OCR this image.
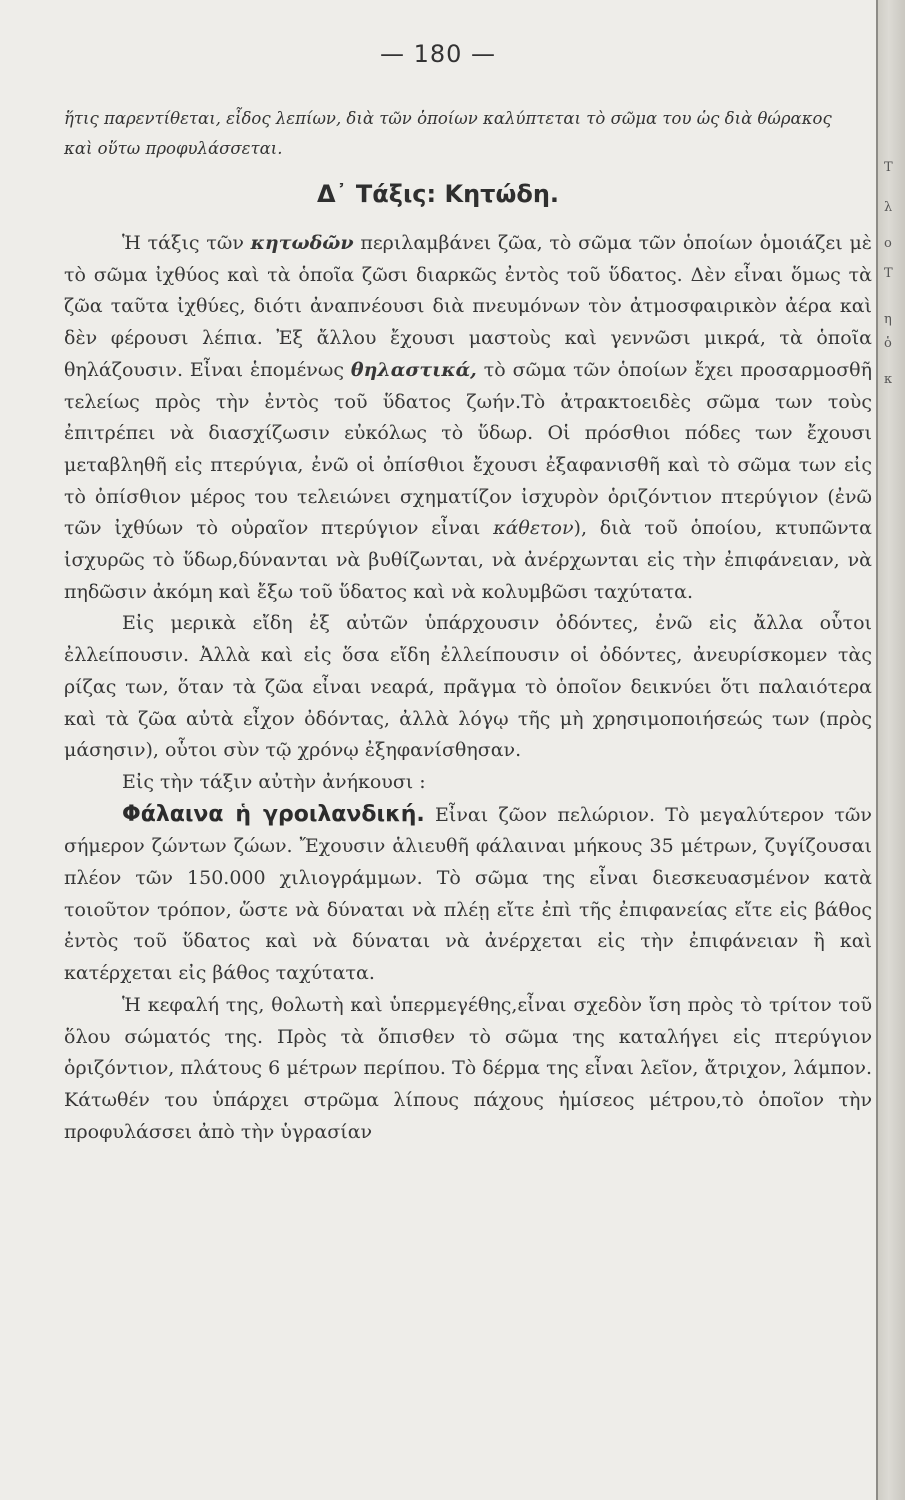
— 180 —

ἥτις παρεντίθεται, εἶδος λεπίων, διὰ τῶν ὁποίων καλύπτεται τὸ σῶμα του ὡς διὰ θώρακος καὶ οὕτω προφυλάσσεται.

Δ᾿ Τάξις: Κητώδη.

Ἡ τάξις τῶν κητωδῶν περιλαμβάνει ζῶα, τὸ σῶμα τῶν ὁποίων ὁμοιάζει μὲ τὸ σῶμα ἰχθύος καὶ τὰ ὁποῖα ζῶσι διαρκῶς ἐντὸς τοῦ ὕδατος. Δὲν εἶναι ὅμως τὰ ζῶα ταῦτα ἰχθύες, διότι ἀναπνέουσι διὰ πνευμόνων τὸν ἀτμοσφαιρικὸν ἀέρα καὶ δὲν φέρουσι λέπια. Ἐξ ἄλλου ἔχουσι μαστοὺς καὶ γεννῶσι μικρά, τὰ ὁποῖα θηλάζουσιν. Εἶναι ἑπομένως θηλαστικά, τὸ σῶμα τῶν ὁποίων ἔχει προσαρμοσθῆ τελείως πρὸς τὴν ἐντὸς τοῦ ὕδατος ζωήν.Τὸ ἀτρακτοειδὲς σῶμα των τοὺς ἐπιτρέπει νὰ διασχίζωσιν εὐκόλως τὸ ὕδωρ. Οἱ πρόσθιοι πόδες των ἔχουσι μεταβληθῆ εἰς πτερύγια, ἐνῶ οἱ ὀπίσθιοι ἔχουσι ἐξαφανισθῆ καὶ τὸ σῶμα των εἰς τὸ ὀπίσθιον μέρος του τελειώνει σχηματίζον ἰσχυρὸν ὁριζόντιον πτερύγιον (ἐνῶ τῶν ἰχθύων τὸ οὐραῖον πτερύγιον εἶναι κάθετον), διὰ τοῦ ὁποίου, κτυπῶντα ἰσχυρῶς τὸ ὕδωρ,δύνανται νὰ βυθίζωνται, νὰ ἀνέρχωνται εἰς τὴν ἐπιφάνειαν, νὰ πηδῶσιν ἀκόμη καὶ ἔξω τοῦ ὕδατος καὶ νὰ κολυμβῶσι ταχύτατα.

Εἰς μερικὰ εἴδη ἐξ αὐτῶν ὑπάρχουσιν ὀδόντες, ἐνῶ εἰς ἄλλα οὗτοι ἐλλείπουσιν. Ἀλλὰ καὶ εἰς ὅσα εἴδη ἐλλείπουσιν οἱ ὀδόντες, ἀνευρίσκομεν τὰς ρίζας των, ὅταν τὰ ζῶα εἶναι νεαρά, πρᾶγμα τὸ ὁποῖον δεικνύει ὅτι παλαιότερα καὶ τὰ ζῶα αὐτὰ εἶχον ὀδόντας, ἀλλὰ λόγῳ τῆς μὴ χρησιμοποιήσεώς των (πρὸς μάσησιν), οὗτοι σὺν τῷ χρόνῳ ἐξηφανίσθησαν.

Εἰς τὴν τάξιν αὐτὴν ἀνήκουσι :

Φάλαινα ἡ γροιλανδική. Εἶναι ζῶον πελώριον. Τὸ μεγαλύτερον τῶν σήμερον ζώντων ζώων. Ἔχουσιν ἁλιευθῆ φάλαιναι μήκους 35 μέτρων, ζυγίζουσαι πλέον τῶν 150.000 χιλιογράμμων. Τὸ σῶμα της εἶναι διεσκευασμένον κατὰ τοιοῦτον τρόπον, ὥστε νὰ δύναται νὰ πλέῃ εἴτε ἐπὶ τῆς ἐπιφανείας εἴτε εἰς βάθος ἐντὸς τοῦ ὕδατος καὶ νὰ δύναται νὰ ἀνέρχεται εἰς τὴν ἐπιφάνειαν ἢ καὶ κατέρχεται εἰς βάθος ταχύτατα.

Ἡ κεφαλή της, θολωτὴ καὶ ὑπερμεγέθης,εἶναι σχεδὸν ἴση πρὸς τὸ τρίτον τοῦ ὅλου σώματός της. Πρὸς τὰ ὄπισθεν τὸ σῶμα της καταλήγει εἰς πτερύγιον ὁριζόντιον, πλάτους 6 μέτρων περίπου. Τὸ δέρμα της εἶναι λεῖον, ἄτριχον, λάμπον. Κάτωθέν του ὑπάρχει στρῶμα λίπους πάχους ἡμίσεος μέτρου,τὸ ὁποῖον τὴν προφυλάσσει ἀπὸ τὴν ὑγρασίαν

Τ
λ
ο
Τ
η
ὁ
κ
